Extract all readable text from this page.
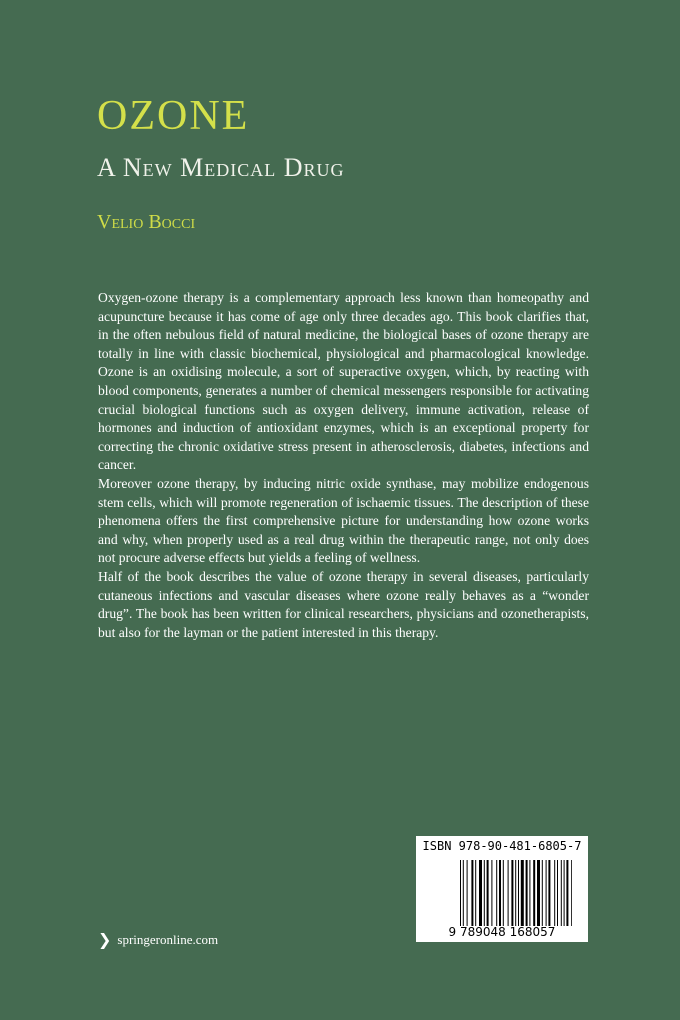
OZONE
A New Medical Drug
Velio Bocci

Oxygen-ozone therapy is a complementary approach less known than homeopathy and acupuncture because it has come of age only three decades ago. This book clarifies that, in the often nebulous field of natural medicine, the biological bases of ozone therapy are totally in line with classic biochemical, physiological and pharmacological knowledge. Ozone is an oxidising molecule, a sort of superactive oxygen, which, by reacting with blood components, generates a number of chemical messengers responsible for activating crucial biological functions such as oxygen delivery, immune activation, release of hormones and induction of antioxidant enzymes, which is an exceptional property for correcting the chronic oxidative stress present in atherosclerosis, diabetes, infections and cancer.

Moreover ozone therapy, by inducing nitric oxide synthase, may mobilize endogenous stem cells, which will promote regeneration of ischaemic tissues. The description of these phenomena offers the first comprehensive picture for understanding how ozone works and why, when properly used as a real drug within the therapeutic range, not only does not procure adverse effects but yields a feeling of wellness.

Half of the book describes the value of ozone therapy in several diseases, particularly cutaneous infections and vascular diseases where ozone really behaves as a “wonder drug”. The book has been written for clinical researchers, physicians and ozonetherapists, but also for the layman or the patient interested in this therapy.

ISBN 978-90-481-6805-7
9 789048 168057
❯ springeronline.com
